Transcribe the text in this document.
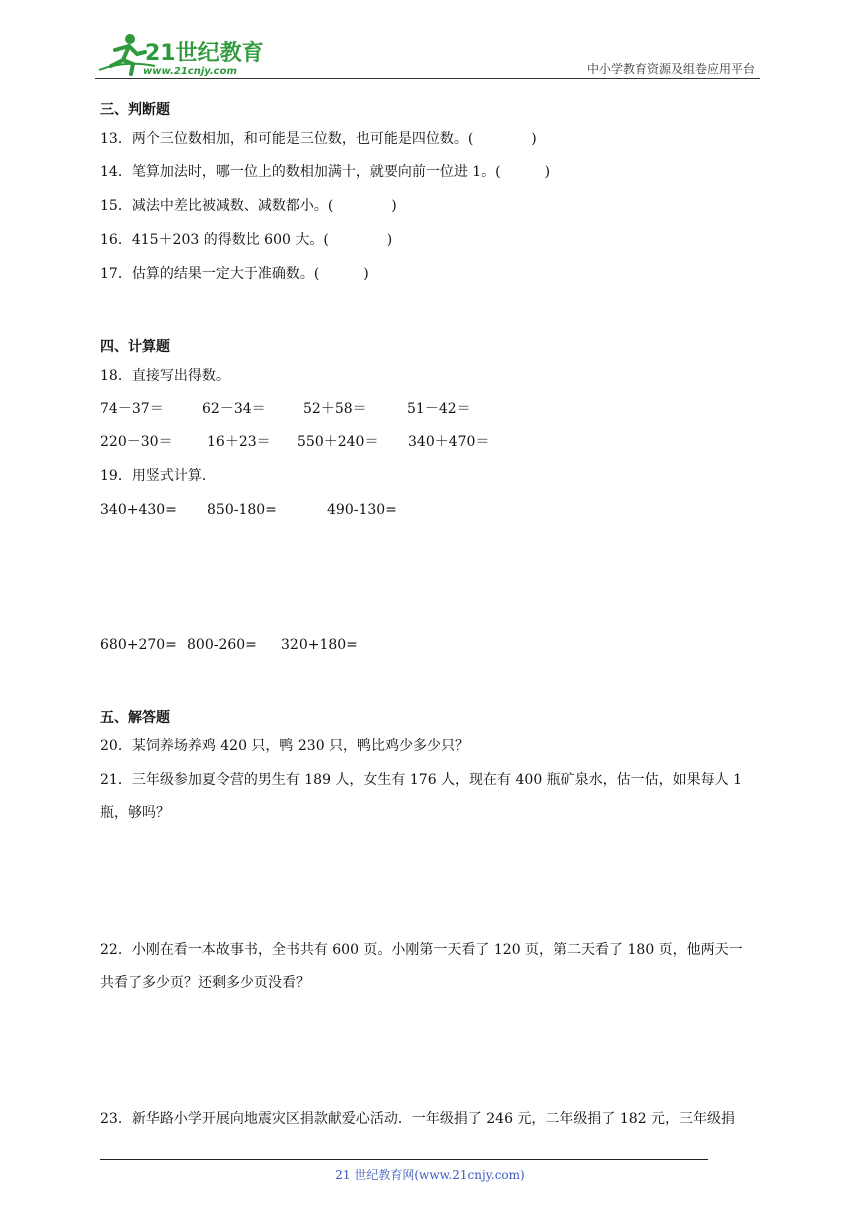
21世纪教育
www.21cnjy.com	中小学教育资源及组卷应用平台
三、判断题
13．两个三位数相加，和可能是三位数，也可能是四位数。(	)
14．笔算加法时，哪一位上的数相加满十，就要向前一位进 1。(	)
15．减法中差比被减数、减数都小。(	)
16．415＋203 的得数比 600 大。(	)
17．估算的结果一定大于准确数。(	)
四、计算题
18．直接写出得数。
74－37＝	62－34＝	52＋58＝	51－42＝
220－30＝ 16＋23＝ 550＋240＝ 340＋470＝
19．用竖式计算.
340+430= 850-180=	490-130=
680+270= 800-260= 320+180=
五、解答题
20．某饲养场养鸡 420 只，鸭 230 只，鸭比鸡少多少只？
21．三年级参加夏令营的男生有 189 人，女生有 176 人，现在有 400 瓶矿泉水，估一估，如果每人 1
瓶，够吗？
22．小刚在看一本故事书，全书共有 600 页。小刚第一天看了 120 页，第二天看了 180 页，他两天一
共看了多少页？还剩多少页没看？
23．新华路小学开展向地震灾区捐款献爱心活动．一年级捐了 246 元，二年级捐了 182 元，三年级捐
21 世纪教育网(www.21cnjy.com)
